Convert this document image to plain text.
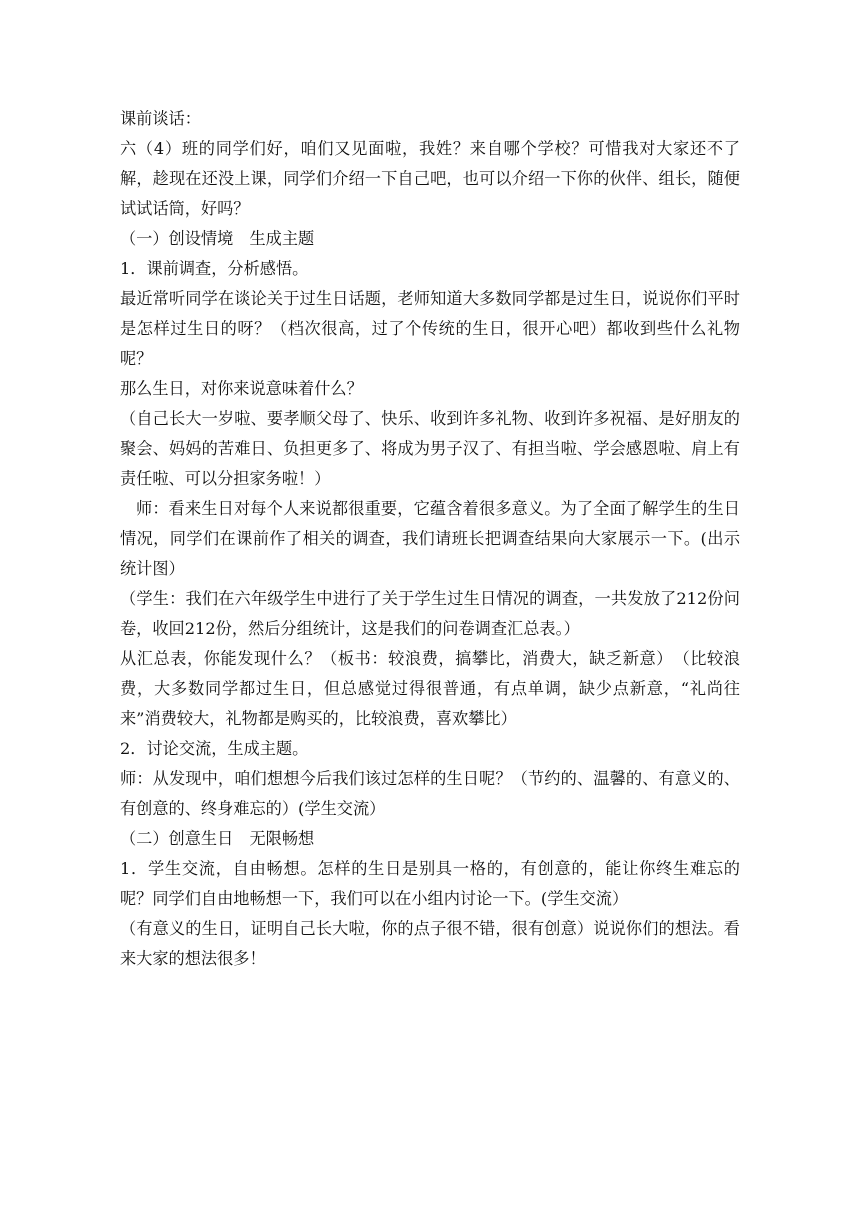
课前谈话：

六（4）班的同学们好，咱们又见面啦，我姓？来自哪个学校？可惜我对大家还不了解，趁现在还没上课，同学们介绍一下自己吧，也可以介绍一下你的伙伴、组长，随便试试话筒，好吗？

（一）创设情境　生成主题

1．课前调查，分析感悟。

最近常听同学在谈论关于过生日话题，老师知道大多数同学都是过生日，说说你们平时是怎样过生日的呀？（档次很高，过了个传统的生日，很开心吧）都收到些什么礼物呢？

那么生日，对你来说意味着什么？

（自己长大一岁啦、要孝顺父母了、快乐、收到许多礼物、收到许多祝福、是好朋友的聚会、妈妈的苦难日、负担更多了、将成为男子汉了、有担当啦、学会感恩啦、肩上有责任啦、可以分担家务啦！）

师：看来生日对每个人来说都很重要，它蕴含着很多意义。为了全面了解学生的生日情况，同学们在课前作了相关的调查，我们请班长把调查结果向大家展示一下。(出示统计图）

（学生：我们在六年级学生中进行了关于学生过生日情况的调查，一共发放了212份问卷，收回212份，然后分组统计，这是我们的问卷调查汇总表。）

从汇总表，你能发现什么？（板书：较浪费，搞攀比，消费大，缺乏新意）　（比较浪费，大多数同学都过生日，但总感觉过得很普通，有点单调，缺少点新意，“礼尚往来”消费较大，礼物都是购买的，比较浪费，喜欢攀比）

2．讨论交流，生成主题。

师：从发现中，咱们想想今后我们该过怎样的生日呢？（节约的、温馨的、有意义的、有创意的、终身难忘的）(学生交流）

（二）创意生日　无限畅想

1．学生交流，自由畅想。怎样的生日是别具一格的，有创意的，能让你终生难忘的呢？同学们自由地畅想一下，我们可以在小组内讨论一下。(学生交流）

（有意义的生日，证明自己长大啦，你的点子很不错，很有创意）说说你们的想法。看来大家的想法很多！
